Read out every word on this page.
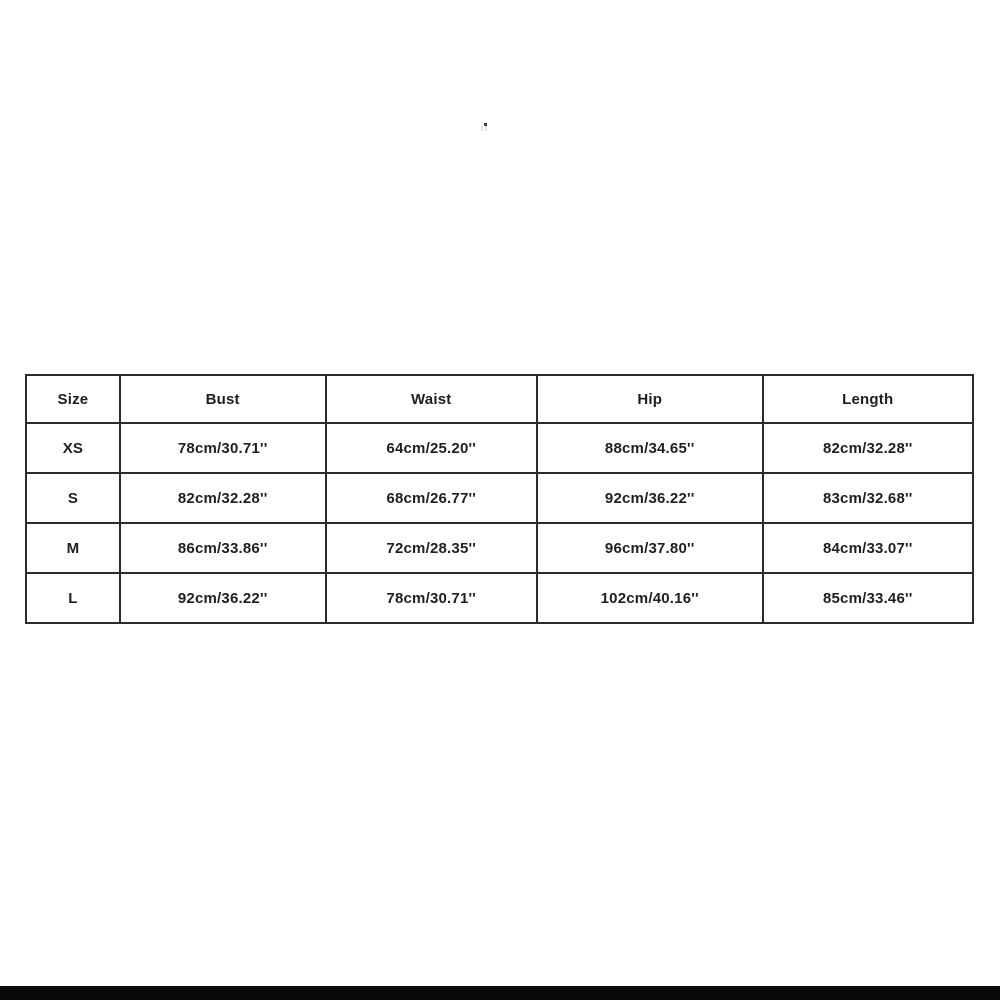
Size	Bust	Waist	Hip	Length
XS	78cm/30.71''	64cm/25.20''	88cm/34.65''	82cm/32.28''
S	82cm/32.28''	68cm/26.77''	92cm/36.22''	83cm/32.68''
M	86cm/33.86''	72cm/28.35''	96cm/37.80''	84cm/33.07''
L	92cm/36.22''	78cm/30.71''	102cm/40.16''	85cm/33.46''
